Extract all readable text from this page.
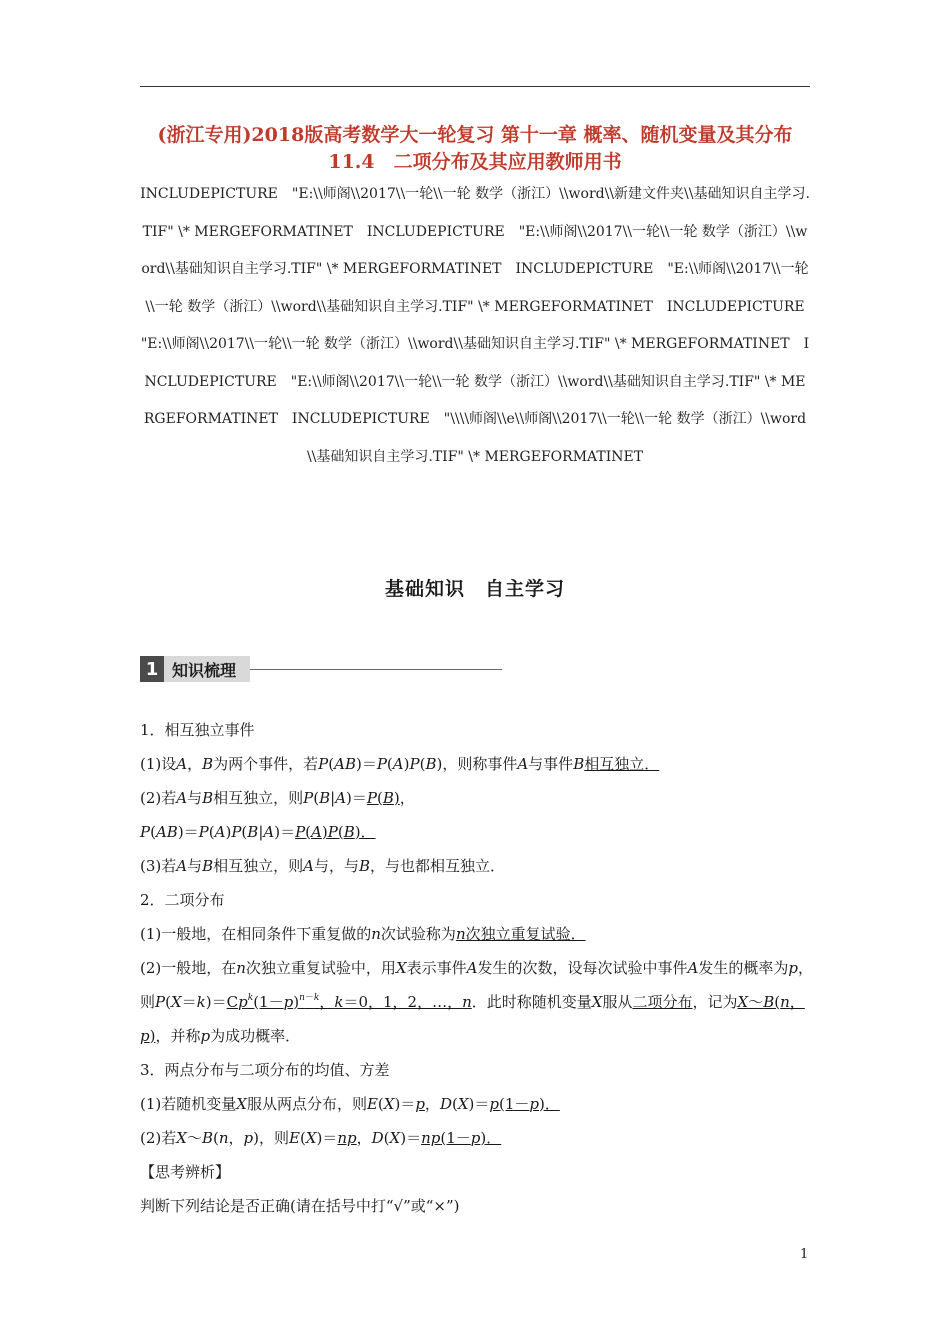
(浙江专用)2018版高考数学大一轮复习 第十一章 概率、随机变量及其分布 11.4　二项分布及其应用教师用书
INCLUDEPICTURE　"E:\\师阁\\2017\\一轮\\一轮 数学（浙江）\\word\\新建文件夹\\基础知识自主学习.TIF" \* MERGEFORMATINET　INCLUDEPICTURE　"E:\\师阁\\2017\\一轮\\一轮 数学（浙江）\\word\\基础知识自主学习.TIF" \* MERGEFORMATINET　INCLUDEPICTURE　"E:\\师阁\\2017\\一轮\\一轮 数学（浙江）\\word\\基础知识自主学习.TIF" \* MERGEFORMATINET　INCLUDEPICTURE　"E:\\师阁\\2017\\一轮\\一轮 数学（浙江）\\word\\基础知识自主学习.TIF" \* MERGEFORMATINET　INCLUDEPICTURE　"E:\\师阁\\2017\\一轮\\一轮 数学（浙江）\\word\\基础知识自主学习.TIF" \* MERGEFORMATINET　INCLUDEPICTURE　"\\\\师阁\\e\\师阁\\2017\\一轮\\一轮 数学（浙江）\\word\\基础知识自主学习.TIF" \* MERGEFORMATINET
基础知识　自主学习
1 知识梳理
1．相互独立事件
(1)设A，B为两个事件，若P(AB)＝P(A)P(B)，则称事件A与事件B相互独立．
(2)若A与B相互独立，则P(B|A)＝P(B)，
P(AB)＝P(A)P(B|A)＝P(A)P(B)．
(3)若A与B相互独立，则A与，与B，与也都相互独立．
2．二项分布
(1)一般地，在相同条件下重复做的n次试验称为n次独立重复试验．
(2)一般地，在n次独立重复试验中，用X表示事件A发生的次数，设每次试验中事件A发生的概率为p，则$P(X=k)=Cp^k(1-p)^{n-k}$，k＝0，1，2，…，n．此时称随机变量X服从二项分布，记为X～B(n，p)，并称p为成功概率．
3．两点分布与二项分布的均值、方差
(1)若随机变量X服从两点分布，则E(X)＝p，D(X)＝p(1－p)．
(2)若X～B(n，p)，则E(X)＝np，D(X)＝np(1－p)．
【思考辨析】
判断下列结论是否正确(请在括号中打“√”或“×”)
1
